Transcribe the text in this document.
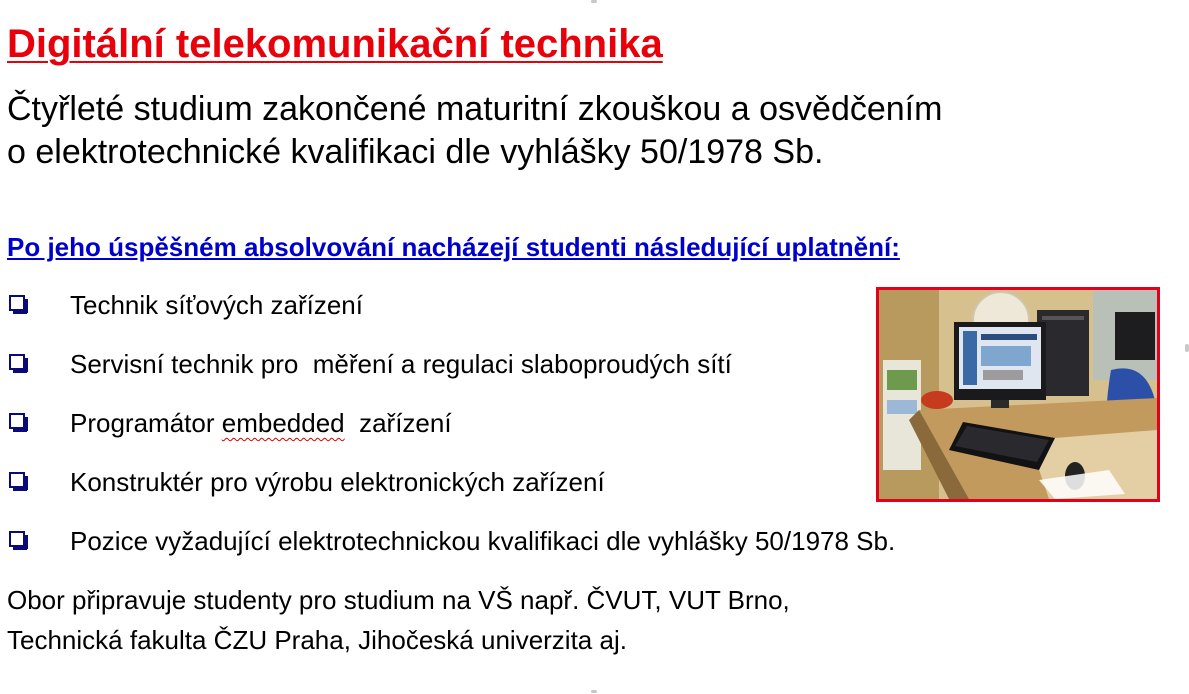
Digitální telekomunikační technika
Čtyřleté studium zakončené maturitní zkouškou a osvědčením
o elektrotechnické kvalifikaci dle vyhlášky 50/1978 Sb.
Po jeho úspěšném absolvování nacházejí studenti následující uplatnění:
Technik síťových zařízení
Servisní technik pro  měření a regulaci slaboproudých sítí
Programátor embedded  zařízení
Konstruktér pro výrobu elektronických zařízení
Pozice vyžadující elektrotechnickou kvalifikaci dle vyhlášky 50/1978 Sb.
Obor připravuje studenty pro studium na VŠ např. ČVUT, VUT Brno,
Technická fakulta ČZU Praha, Jihočeská univerzita aj.
